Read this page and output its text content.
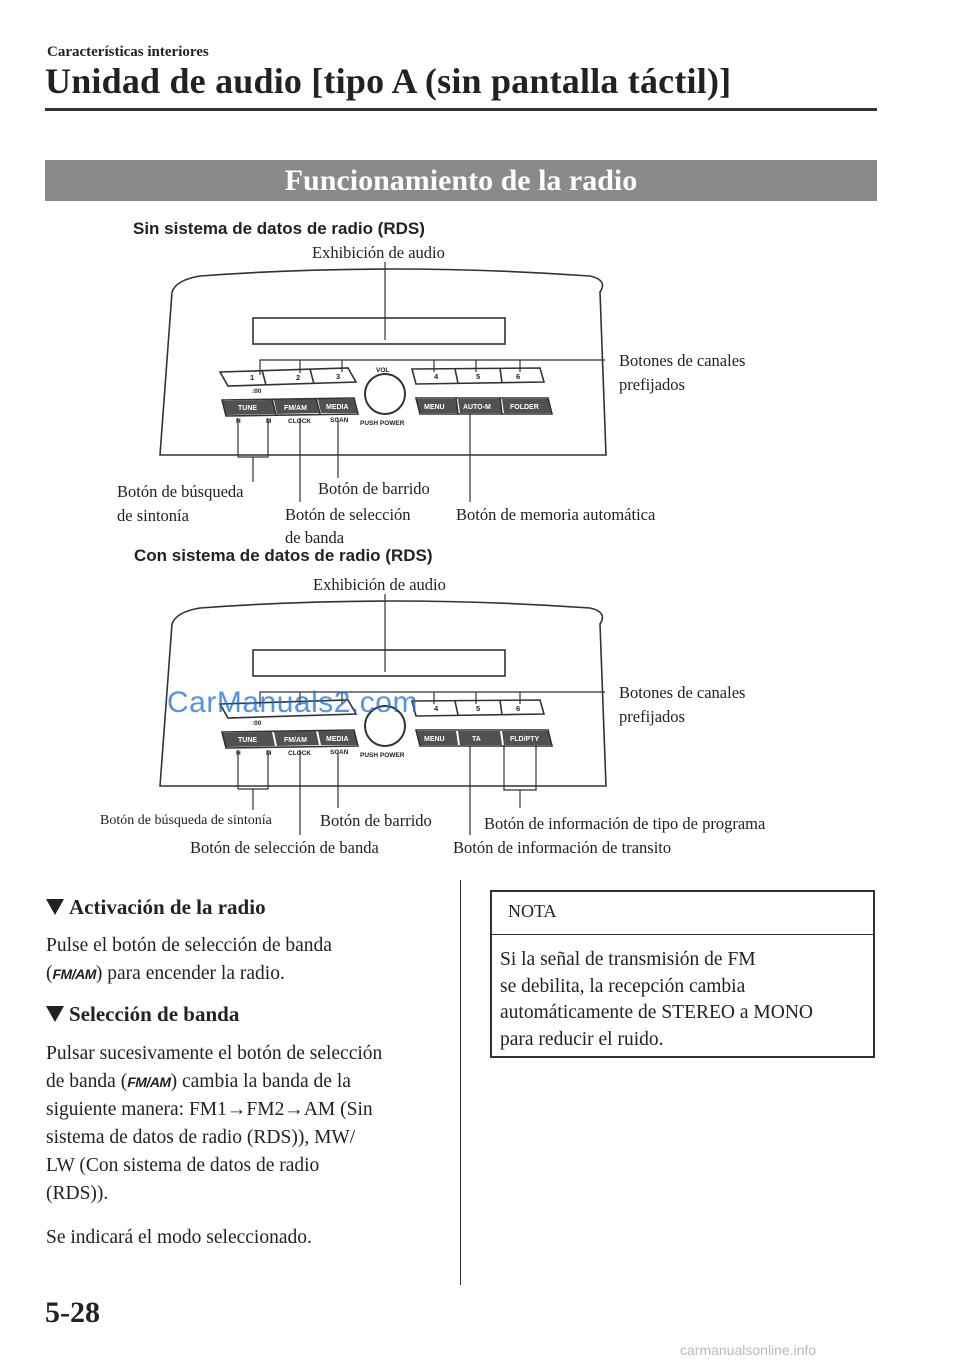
Características interiores
Unidad de audio [tipo A (sin pantalla táctil)]
Funcionamiento de la radio
Sin sistema de datos de radio (RDS)
Exhibición de audio
1
:00
2	3	4	5	6
VOL
PUSH POWER
TUNE	FM/AM	MEDIA	MENU	AUTO-M	FOLDER
H	M	CLOCK	SCAN
:00
4	5	6
PUSH POWER
TUNE	FM/AM	MEDIA	MENU	TA	FLD/PTY
H	M	CLOCK	SCAN
Botones de canales
prefijados
Botón de búsqueda
de sintonía
Botón de barrido
Botón de selección
de banda
Botón de memoria automática
Con sistema de datos de radio (RDS)
Exhibición de audio
Botones de canales
prefijados
Botón de búsqueda de sintonía	Botón de barrido	Botón de información de tipo de programa
Botón de selección de banda	Botón de información de transito
CarManuals2.com
Activación de la radio
Pulse el botón de selección de banda
(FM/AM) para encender la radio.
Selección de banda
Pulsar sucesivamente el botón de selección
de banda (FM/AM) cambia la banda de la
siguiente manera: FM1→FM2→AM (Sin
sistema de datos de radio (RDS)), MW/
LW (Con sistema de datos de radio
(RDS)).
Se indicará el modo seleccionado.
NOTA
Si la señal de transmisión de FM
se debilita, la recepción cambia
automáticamente de STEREO a MONO
para reducir el ruido.
5-28
carmanualsonline.info
